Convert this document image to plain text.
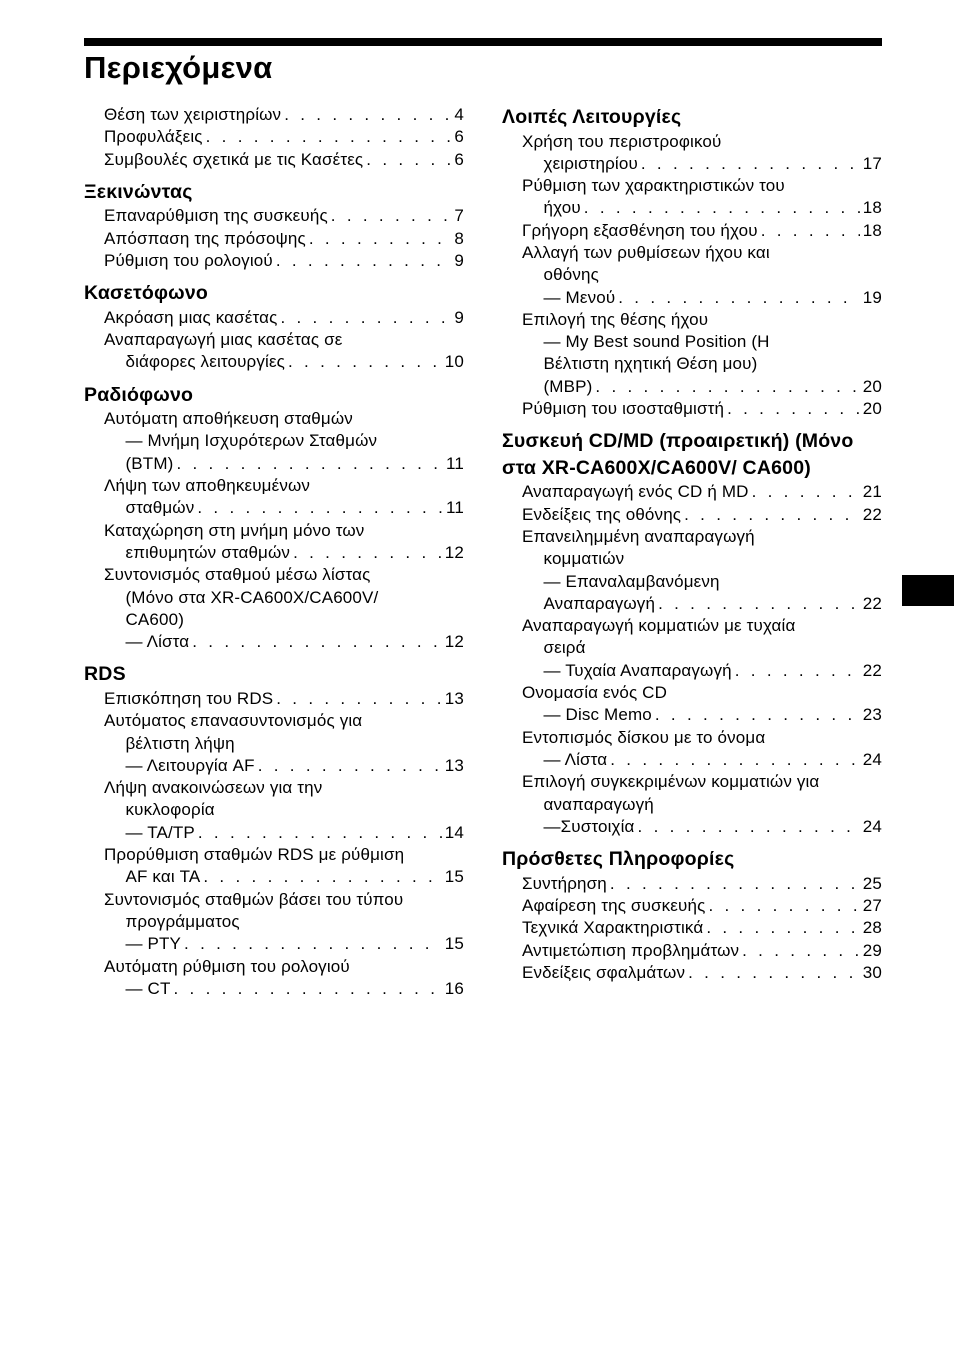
Περιεχόμενα
Θέση των χειριστηρίων . . .	4
Προφυλάξεις . . .	6
Συμβουλές σχετικά με τις Κασέτες . . .	6
Ξεκινώντας
Επαναρύθμιση της συσκευής . . .	7
Απόσπαση της πρόσοψης . . .	8
Ρύθμιση του ρολογιού . . .	9
Κασετόφωνο
Ακρόαση μιας κασέτας . . .	9
Αναπαραγωγή μιας κασέτας σε
διάφορες λειτουργίες . . .	10
Ραδιόφωνο
Αυτόματη αποθήκευση σταθμών
— Μνήμη Ισχυρότερων Σταθμών
(BTM) . . .	11
Λήψη των αποθηκευμένων
σταθμών . . .	11
Καταχώρηση στη μνήμη μόνο των
επιθυμητών σταθμών . . .	12
Συντονισμός σταθμού μέσω λίστας
(Μόνο στα XR-CA600X/CA600V/
CA600)
— Λίστα . . .	12
RDS
Επισκόπηση του RDS . . .	13
Αυτόματος επανασυντονισμός για
βέλτιστη λήψη
— Λειτουργία AF . . .	13
Λήψη ανακοινώσεων για την
κυκλοφορία
— TA/TP . . .	14
Προρύθμιση σταθμών RDS με ρύθμιση
AF και TA . . .	15
Συντονισμός σταθμών βάσει του τύπου
προγράμματος
— PTY . . .	15
Αυτόματη ρύθμιση του ρολογιού
— CT . . .	16
Λοιπές Λειτουργίες
Χρήση του περιστροφικού
χειριστηρίου . . .	17
Ρύθμιση των χαρακτηριστικών του
ήχου . . .	18
Γρήγορη εξασθένηση του ήχου . . .	18
Αλλαγή των ρυθμίσεων ήχου και
οθόνης
— Μενού . . .	19
Επιλογή της θέσης ήχου
— My Best sound Position (Η
Βέλτιστη ηχητική Θέση μου)
(MBP) . . .	20
Ρύθμιση του ισοσταθμιστή . . .	20
Συσκευή CD/MD (προαιρετική) (Μόνο στα XR-CA600X/CA600V/ CA600)
Αναπαραγωγή ενός CD ή MD . . .	21
Ενδείξεις της οθόνης . . .	22
Επανειλημμένη αναπαραγωγή
κομματιών
— Επαναλαμβανόμενη
Αναπαραγωγή . . .	22
Αναπαραγωγή κομματιών με τυχαία
σειρά
— Τυχαία Αναπαραγωγή . . .	22
Ονομασία ενός CD
— Disc Memo . . .	23
Εντοπισμός δίσκου με το όνομα
— Λίστα . . .	24
Επιλογή συγκεκριμένων κομματιών για
αναπαραγωγή
—Συστοιχία . . .	24
Πρόσθετες Πληροφορίες
Συντήρηση . . .	25
Αφαίρεση της συσκευής . . .	27
Τεχνικά Χαρακτηριστικά . . .	28
Αντιμετώπιση προβλημάτων . . .	29
Ενδείξεις σφαλμάτων . . .	30
